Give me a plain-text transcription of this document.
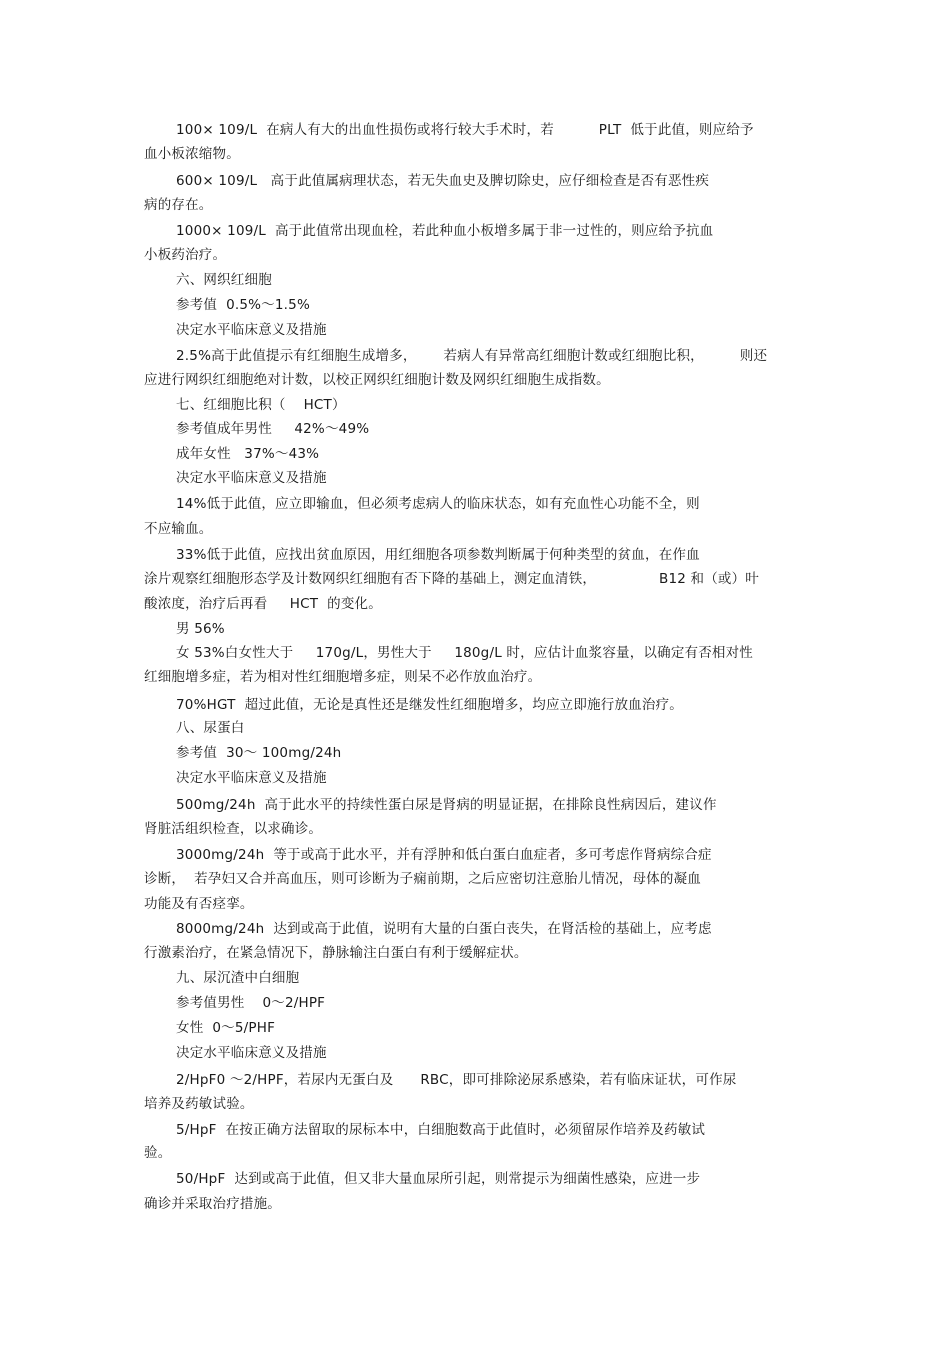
100× 109/L  在病人有大的出血性损伤或将行较大手术时，若          PLT  低于此值，则应给予
血小板浓缩物。
600× 109/L   高于此值属病理状态，若无失血史及脾切除史，应仔细检查是否有恶性疾
病的存在。
1000× 109/L  高于此值常出现血栓，若此种血小板增多属于非一过性的，则应给予抗血
小板药治疗。
六、网织红细胞
参考值  0.5%～1.5%
决定水平临床意义及措施
2.5%高于此值提示有红细胞生成增多，      若病人有异常高红细胞计数或红细胞比积，        则还
应进行网织红细胞绝对计数，以校正网织红细胞计数及网织红细胞生成指数。
七、红细胞比积（    HCT）
参考值成年男性     42%～49%
成年女性   37%～43%
决定水平临床意义及措施
14%低于此值，应立即输血，但必须考虑病人的临床状态，如有充血性心功能不全，则
不应输血。
33%低于此值，应找出贫血原因，用红细胞各项参数判断属于何种类型的贫血，在作血
涂片观察红细胞形态学及计数网织红细胞有否下降的基础上，测定血清铁，              B12 和（或）叶
酸浓度，治疗后再看     HCT  的变化。
男 56%
女 53%白女性大于     170g/L，男性大于     180g/L 时，应估计血浆容量，以确定有否相对性
红细胞增多症，若为相对性红细胞增多症，则呆不必作放血治疗。
70%HGT  超过此值，无论是真性还是继发性红细胞增多，均应立即施行放血治疗。
八、尿蛋白
参考值  30～ 100mg/24h
决定水平临床意义及措施
500mg/24h  高于此水平的持续性蛋白尿是肾病的明显证据，在排除良性病因后，建议作
肾脏活组织检查，以求确诊。
3000mg/24h  等于或高于此水平，并有浮肿和低白蛋白血症者，多可考虑作肾病综合症
诊断，  若孕妇又合并高血压，则可诊断为子痫前期，之后应密切注意胎儿情况，母体的凝血
功能及有否痉挛。
8000mg/24h  达到或高于此值，说明有大量的白蛋白丧失，在肾活检的基础上，应考虑
行激素治疗，在紧急情况下，静脉输注白蛋白有利于缓解症状。
九、尿沉渣中白细胞
参考值男性    0～2/HPF
女性  0～5/PHF
决定水平临床意义及措施
2/HpF0 ～2/HPF，若尿内无蛋白及      RBC，即可排除泌尿系感染，若有临床证状，可作尿
培养及药敏试验。
5/HpF  在按正确方法留取的尿标本中，白细胞数高于此值时，必须留尿作培养及药敏试
验。
50/HpF  达到或高于此值，但又非大量血尿所引起，则常提示为细菌性感染，应进一步
确诊并采取治疗措施。
